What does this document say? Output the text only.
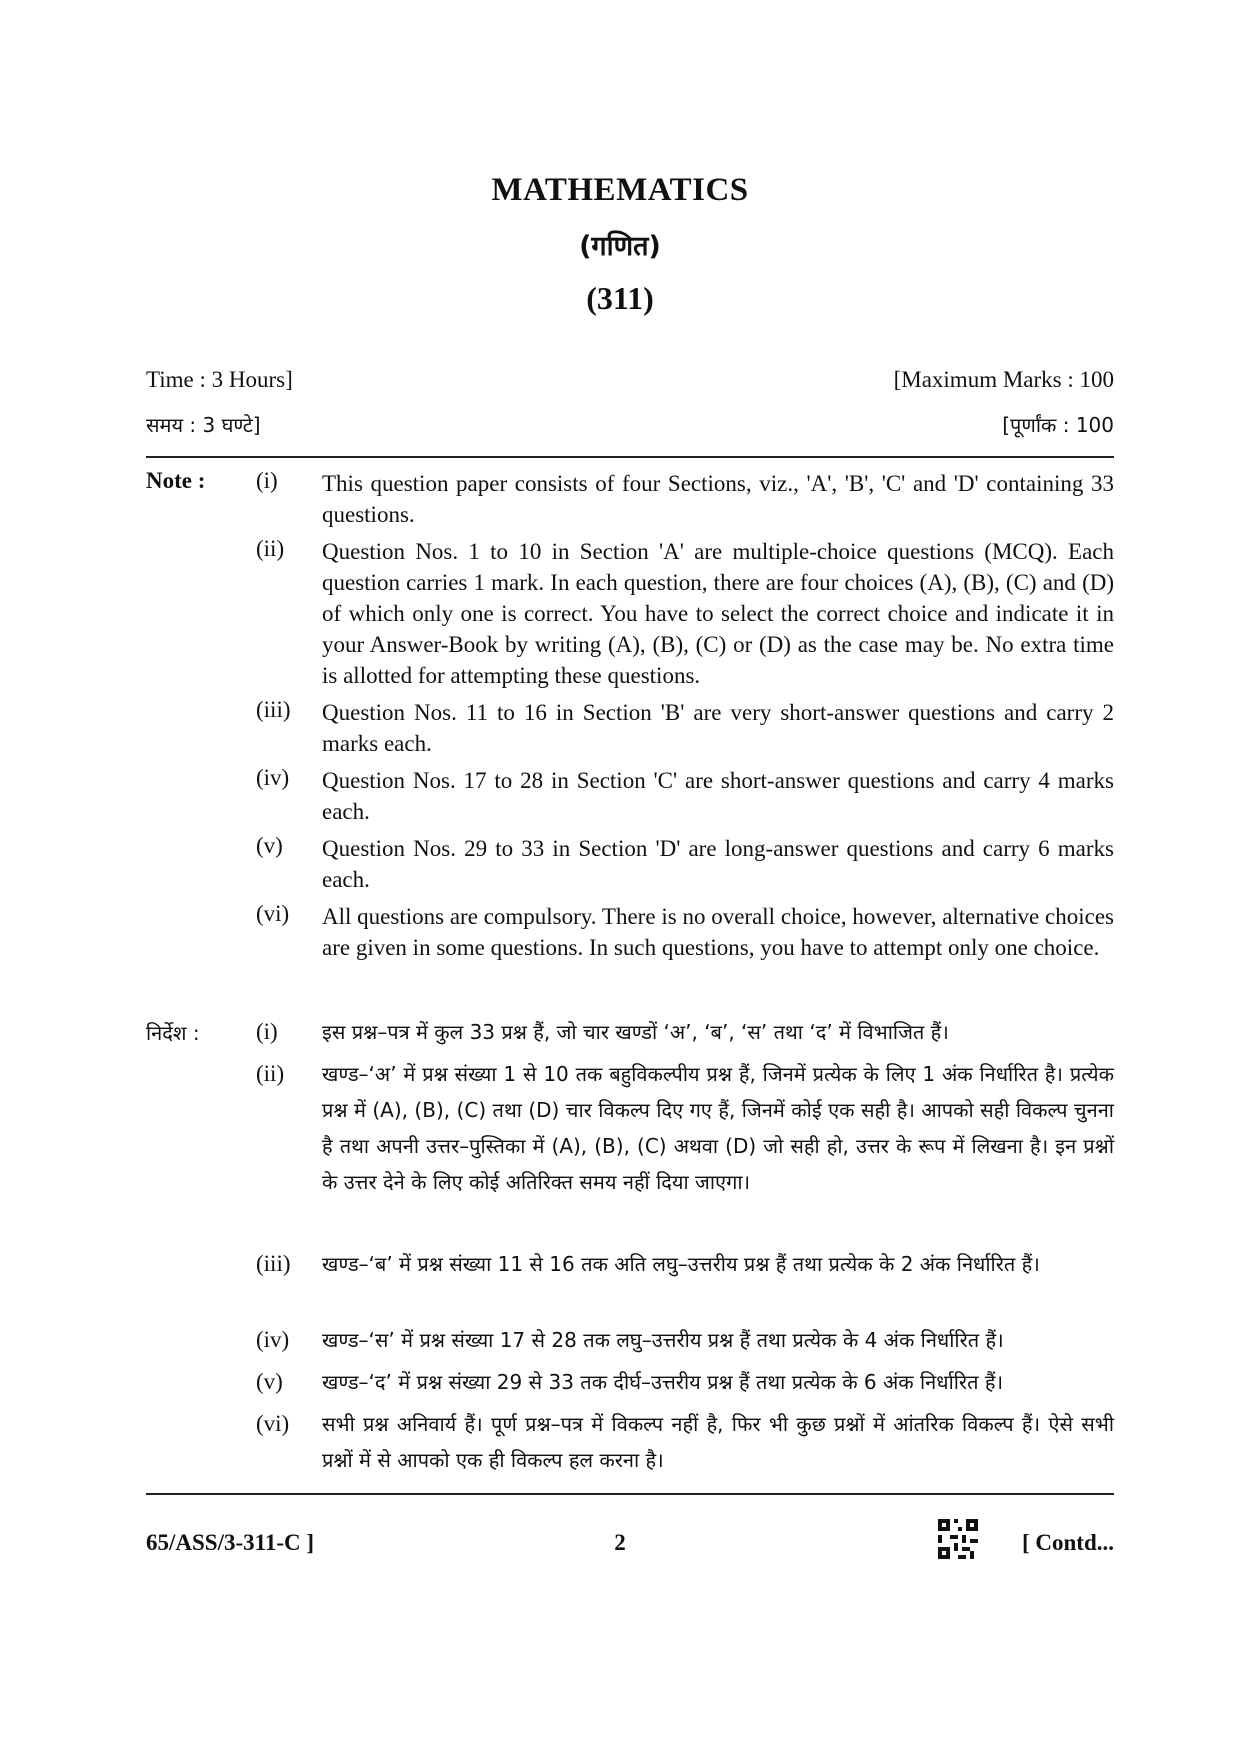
MATHEMATICS
(गणित)
(311)
Time : 3 Hours]	[Maximum Marks : 100
समय : 3 घण्टे]	[पूर्णांक : 100
Note : (i)	This question paper consists of four Sections, viz., 'A', 'B', 'C' and 'D' containing 33 questions.
(ii)	Question Nos. 1 to 10 in Section 'A' are multiple-choice questions (MCQ). Each question carries 1 mark. In each question, there are four choices (A), (B), (C) and (D) of which only one is correct. You have to select the correct choice and indicate it in your Answer-Book by writing (A), (B), (C) or (D) as the case may be. No extra time is allotted for attempting these questions.
(iii)	Question Nos. 11 to 16 in Section 'B' are very short-answer questions and carry 2 marks each.
(iv)	Question Nos. 17 to 28 in Section 'C' are short-answer questions and carry 4 marks each.
(v)	Question Nos. 29 to 33 in Section 'D' are long-answer questions and carry 6 marks each.
(vi)	All questions are compulsory. There is no overall choice, however, alternative choices are given in some questions. In such questions, you have to attempt only one choice.
निर्देश : (i)	इस प्रश्न–पत्र में कुल 33 प्रश्न हैं, जो चार खण्डों ‘अ’, ‘ब’, ‘स’ तथा ‘द’ में विभाजित हैं।
(ii)	खण्ड–‘अ’ में प्रश्न संख्या 1 से 10 तक बहुविकल्पीय प्रश्न हैं, जिनमें प्रत्येक के लिए 1 अंक निर्धारित है। प्रत्येक प्रश्न में (A), (B), (C) तथा (D) चार विकल्प दिए गए हैं, जिनमें कोई एक सही है। आपको सही विकल्प चुनना है तथा अपनी उत्तर–पुस्तिका में (A), (B), (C) अथवा (D) जो सही हो, उत्तर के रूप में लिखना है। इन प्रश्नों के उत्तर देने के लिए कोई अतिरिक्त समय नहीं दिया जाएगा।
(iii)	खण्ड–‘ब’ में प्रश्न संख्या 11 से 16 तक अति लघु–उत्तरीय प्रश्न हैं तथा प्रत्येक के 2 अंक निर्धारित हैं।
(iv)	खण्ड–‘स’ में प्रश्न संख्या 17 से 28 तक लघु–उत्तरीय प्रश्न हैं तथा प्रत्येक के 4 अंक निर्धारित हैं।
(v)	खण्ड–‘द’ में प्रश्न संख्या 29 से 33 तक दीर्घ–उत्तरीय प्रश्न हैं तथा प्रत्येक के 6 अंक निर्धारित हैं।
(vi)	सभी प्रश्न अनिवार्य हैं। पूर्ण प्रश्न–पत्र में विकल्प नहीं है, फिर भी कुछ प्रश्नों में आंतरिक विकल्प हैं। ऐसे सभी प्रश्नों में से आपको एक ही विकल्प हल करना है।
65/ASS/3-311-C ]	2	[ Contd...
